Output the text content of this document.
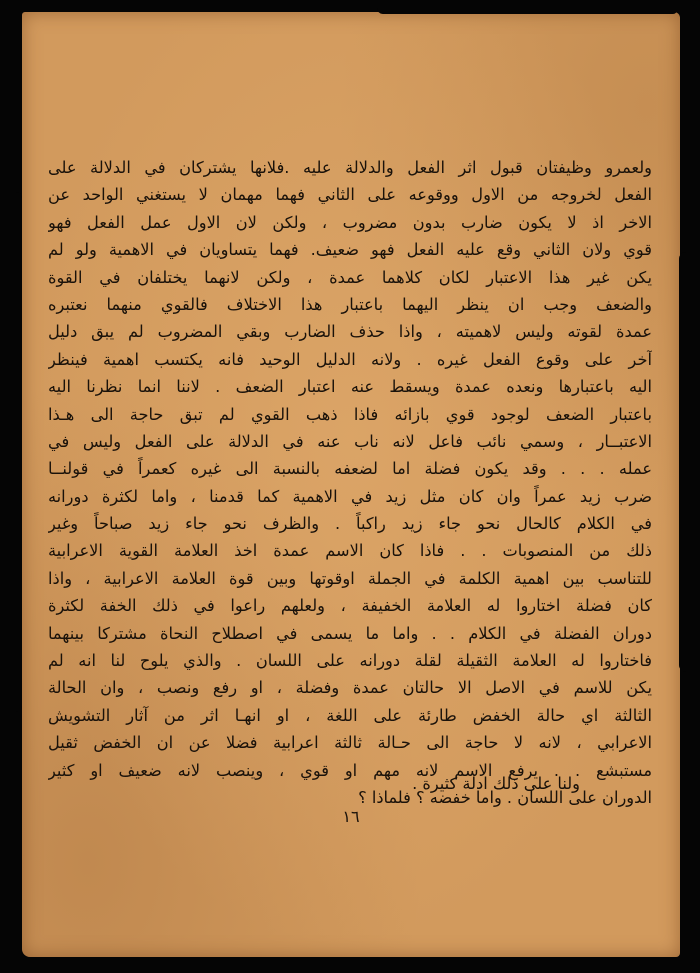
ولعمرو وظيفتان قبول اثر الفعل والدلالة عليه .فلانها يشتركان في الدلالة على
الفعل لخروجه من الاول ووقوعه على الثاني فهما مهمان لا يستغني الواحد عن
الاخر اذ لا يكون ضارب بدون مضروب ، ولكن لان الاول عمل الفعل فهو
قوي ولان الثاني وقع عليه الفعل فهو ضعيف. فهما يتساويان في الاهمية ولو لم
يكن غير هذا الاعتبار لكان كلاهما عمدة ، ولكن لانهما يختلفان في القوة
والضعف وجب ان ينظر اليهما باعتبار هذا الاختلاف فالقوي منهما نعتبره
عمدة لقوته وليس لاهميته ، واذا حذف الضارب وبقي المضروب لم يبق دليل
آخر على وقوع الفعل غيره . ولانه الدليل الوحيد فانه يكتسب اهمية فينظر
اليه باعتبارها ونعده عمدة ويسقط عنه اعتبار الضعف . لاننا انما نظرنا اليه
باعتبار الضعف لوجود قوي بازائه فاذا ذهب القوي لم تبق حاجة الى هـذا
الاعتبــار ، وسمي نائب فاعل لانه ناب عنه في الدلالة على الفعل وليس في
عمله . . . وقد يكون فضلة اما لضعفه بالنسبة الى غيره كعمراً في قولنــا
ضرب زيد عمراً وان كان مثل زيد في الاهمية كما قدمنا ، واما لكثرة دورانه
في الكلام كالحال نحو جاء زيد راكباً . والظرف نحو جاء زيد صباحاً وغير
ذلك من المنصوبات . . فاذا كان الاسم عمدة اخذ العلامة القوية الاعرابية
للتناسب بين اهمية الكلمة في الجملة اوقوتها وبين قوة العلامة الاعرابية ، واذا
كان فضلة اختاروا له العلامة الخفيفة ، ولعلهم راعوا في ذلك الخفة لكثرة
دوران الفضلة في الكلام . . واما ما يسمى في اصطلاح النحاة مشتركا بينهما
فاختاروا له العلامة الثقيلة لقلة دورانه على اللسان . والذي يلوح لنا انه لم
يكن للاسم في الاصل الا حالتان عمدة وفضلة ، او رفع ونصب ، وان الحالة
الثالثة اي حالة الخفض طارئة على اللغة ، او انهـا اثر من آثار التشويش
الاعرابي ، لانه لا حاجة الى حـالة ثالثة اعرابية فضلا عن ان الخفض ثقيل
مستبشع . . يرفع الاسم لانه مهم او قوي ، وينصب لانه ضعيف او كثير
الدوران على اللسان . واما خفضه ؟ فلماذا ؟
ولنا على ذلك ادلة كثيرة .
١٦
